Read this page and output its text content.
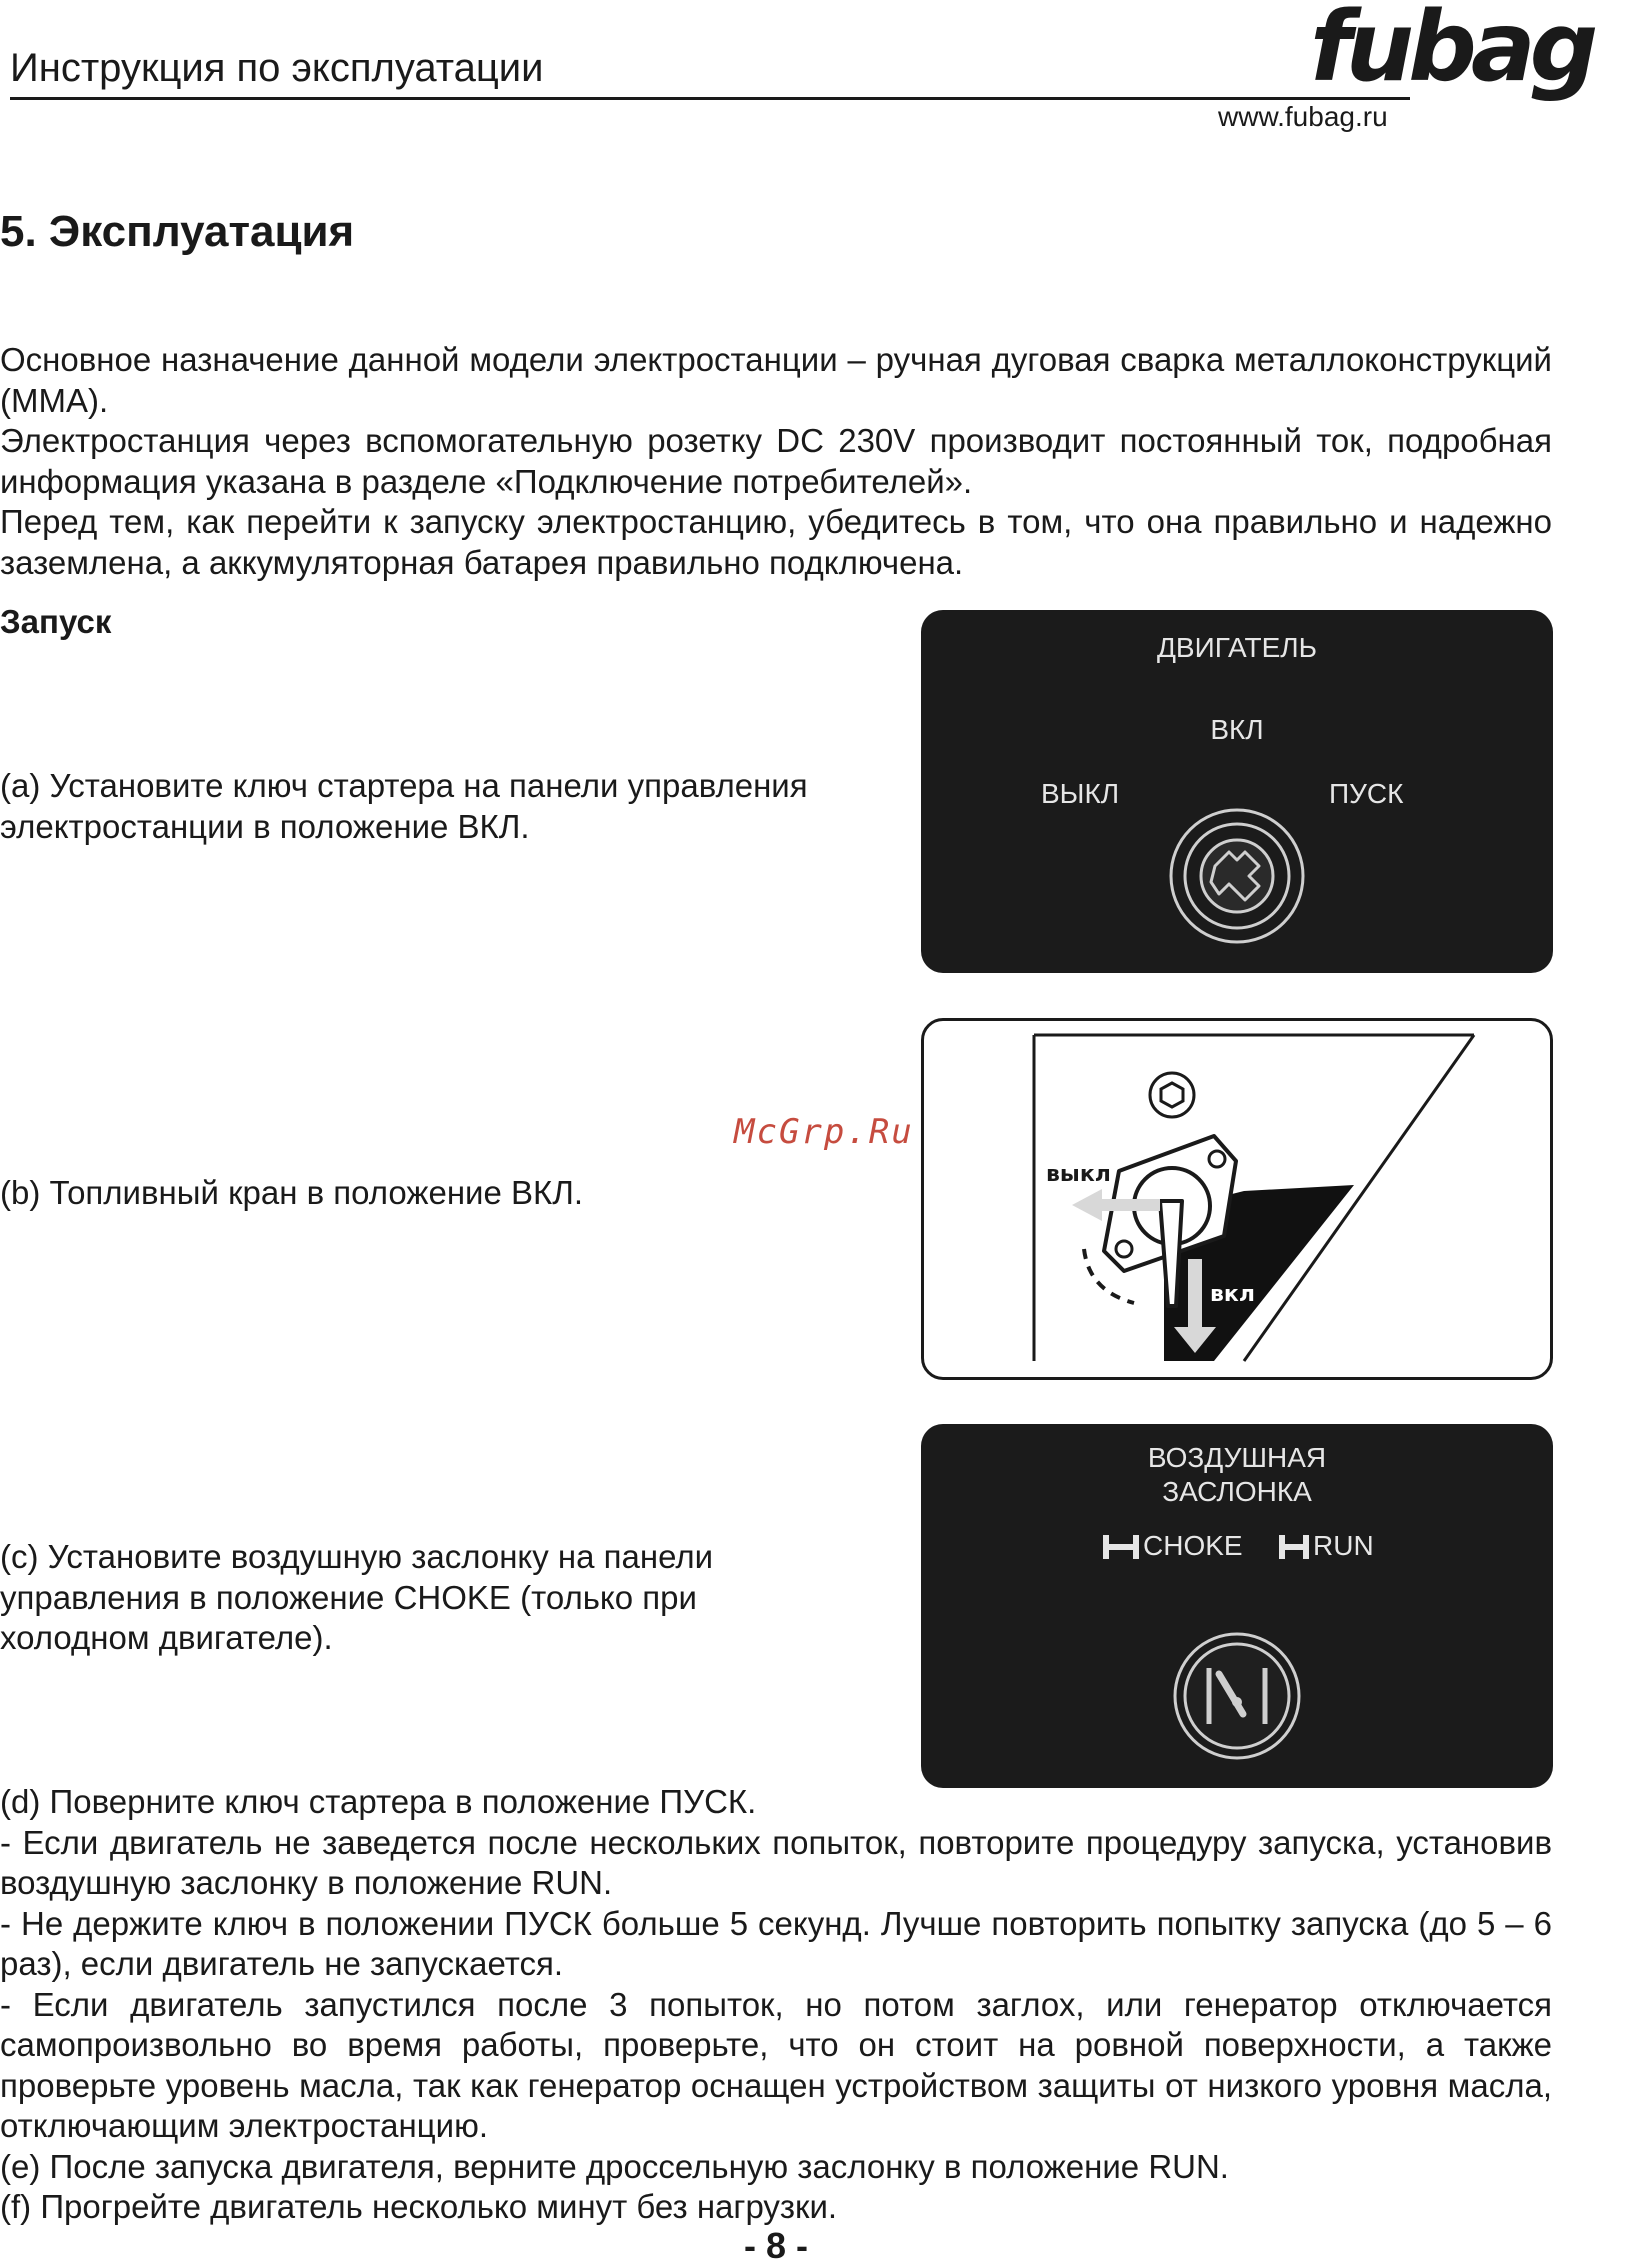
Инструкция по эксплуатации	fubag
www.fubag.ru
5. Эксплуатация

Основное назначение данной модели электростанции – ручная дуговая сварка металлоконструкций (ММА).

Электростанция через вспомогательную розетку DC 230V производит постоянный ток, подробная информация указана в разделе «Подключение потребителей».

Перед тем, как перейти к запуску электростанцию, убедитесь в том, что она правильно и надежно заземлена, а аккумуляторная батарея правильно подключена.

Запуск
(a) Установите ключ стартера на панели управления электростанции в положение ВКЛ.
(b) Топливный кран в положение ВКЛ.
(c) Установите воздушную заслонку на панели управления в положение CHOKE (только при холодном двигателе).
ДВИГАТЕЛЬ
ВКЛ
ВЫКЛ	ПУСК
выкл
вкл
ВОЗДУШНАЯ
ЗАСЛОНКА
CHOKE	RUN

(d) Поверните ключ стартера в положение ПУСК.

- Если двигатель не заведется после нескольких попыток, повторите процедуру запуска, установив воздушную заслонку в положение RUN.

- Не держите ключ в положении ПУСК больше 5 секунд. Лучше повторить попытку запуска (до 5 – 6 раз), если двигатель не запускается.

- Если двигатель запустился после 3 попыток, но потом заглох, или генератор отключается самопроизвольно во время работы, проверьте, что он стоит на ровной поверхности, а также проверьте уровень масла, так как генератор оснащен устройством защиты от низкого уровня масла, отключающим электростанцию.

(e) После запуска двигателя, верните дроссельную заслонку в положение RUN.

(f) Прогрейте двигатель несколько минут без нагрузки.

McGrp.Ru
- 8 -
